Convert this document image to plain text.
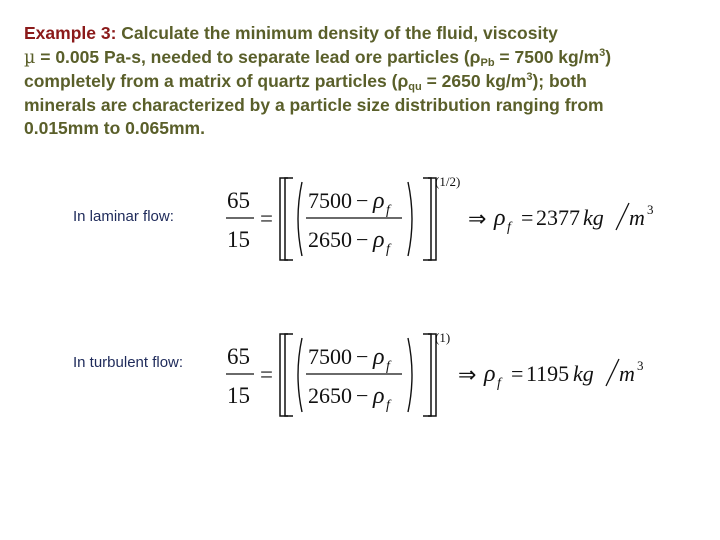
Example 3: Calculate the minimum density of the fluid, viscosity
µ = 0.005 Pa-s, needed to separate lead ore particles ($\rho_{Pb} = 7500$ $kg/m^3$)
completely from a matrix of quartz particles ($\rho_{qu} = 2650$ $kg/m^3$); both
minerals are characterized by a particle size distribution ranging from
0.015mm to 0.065mm.
In laminar flow:
65
15
=
7500 − ρ f
2650 − ρ f
(1/2)
⇒ ρ f = 2377 kg m 3
In turbulent flow: 65
15
=
7500 − ρ f
2650 − ρ f
(1)
⇒ ρ f = 1195 kg m 3
